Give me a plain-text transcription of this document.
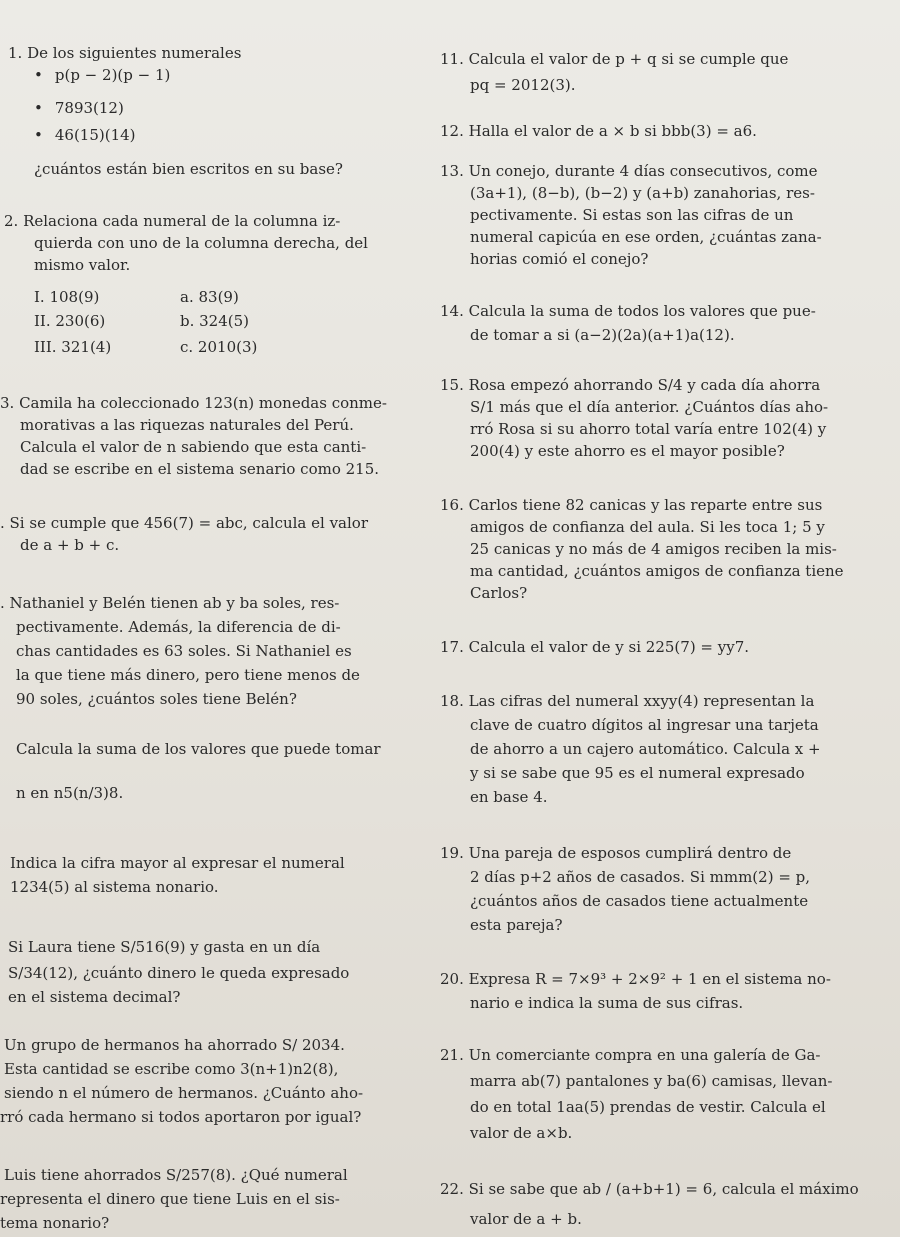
1. De los siguientes numerales
• p(p − 2)(p − 1)
• 7893(12)
• 46(15)(14)
¿cuántos están bien escritos en su base?
2. Relaciona cada numeral de la columna iz-
quierda con uno de la columna derecha, del
mismo valor.
I. 108(9)
II. 230(6)
III. 321(4)
a. 83(9)
b. 324(5)
c. 2010(3)
3. Camila ha coleccionado 123(n) monedas conme-
morativas a las riquezas naturales del Perú.
Calcula el valor de n sabiendo que esta canti-
dad se escribe en el sistema senario como 215.
. Si se cumple que 456(7) = abc, calcula el valor
de a + b + c.
. Nathaniel y Belén tienen ab y ba soles, res-
pectivamente. Además, la diferencia de di-
chas cantidades es 63 soles. Si Nathaniel es
la que tiene más dinero, pero tiene menos de
90 soles, ¿cuántos soles tiene Belén?
Calcula la suma de los valores que puede tomar
n en n5(n/3)8.
Indica la cifra mayor al expresar el numeral
1234(5) al sistema nonario.
Si Laura tiene S/516(9) y gasta en un día
S/34(12), ¿cuánto dinero le queda expresado
en el sistema decimal?
Un grupo de hermanos ha ahorrado S/ 2034.
Esta cantidad se escribe como 3(n+1)n2(8),
siendo n el número de hermanos. ¿Cuánto aho-
rró cada hermano si todos aportaron por igual?
Luis tiene ahorrados S/257(8). ¿Qué numeral
representa el dinero que tiene Luis en el sis-
tema nonario?
11. Calcula el valor de p + q si se cumple que
pq = 2012(3).
12. Halla el valor de a × b si bbb(3) = a6.
13. Un conejo, durante 4 días consecutivos, come
(3a+1), (8−b), (b−2) y (a+b) zanahorias, res-
pectivamente. Si estas son las cifras de un
numeral capicúa en ese orden, ¿cuántas zana-
horias comió el conejo?
14. Calcula la suma de todos los valores que pue-
de tomar a si (a−2)(2a)(a+1)a(12).
15. Rosa empezó ahorrando S/4 y cada día ahorra
S/1 más que el día anterior. ¿Cuántos días aho-
rró Rosa si su ahorro total varía entre 102(4) y
200(4) y este ahorro es el mayor posible?
16. Carlos tiene 82 canicas y las reparte entre sus
amigos de confianza del aula. Si les toca 1; 5 y
25 canicas y no más de 4 amigos reciben la mis-
ma cantidad, ¿cuántos amigos de confianza tiene
Carlos?
17. Calcula el valor de y si 225(7) = yy7.
18. Las cifras del numeral xxyy(4) representan la
clave de cuatro dígitos al ingresar una tarjeta
de ahorro a un cajero automático. Calcula x +
y si se sabe que 95 es el numeral expresado
en base 4.
19. Una pareja de esposos cumplirá dentro de
2 días p+2 años de casados. Si mmm(2) = p,
¿cuántos años de casados tiene actualmente
esta pareja?
20. Expresa R = 7×9³ + 2×9² + 1 en el sistema no-
nario e indica la suma de sus cifras.
21. Un comerciante compra en una galería de Ga-
marra ab(7) pantalones y ba(6) camisas, llevan-
do en total 1aa(5) prendas de vestir. Calcula el
valor de a×b.
22. Si se sabe que ab / (a+b+1) = 6, calcula el máximo
valor de a + b.
